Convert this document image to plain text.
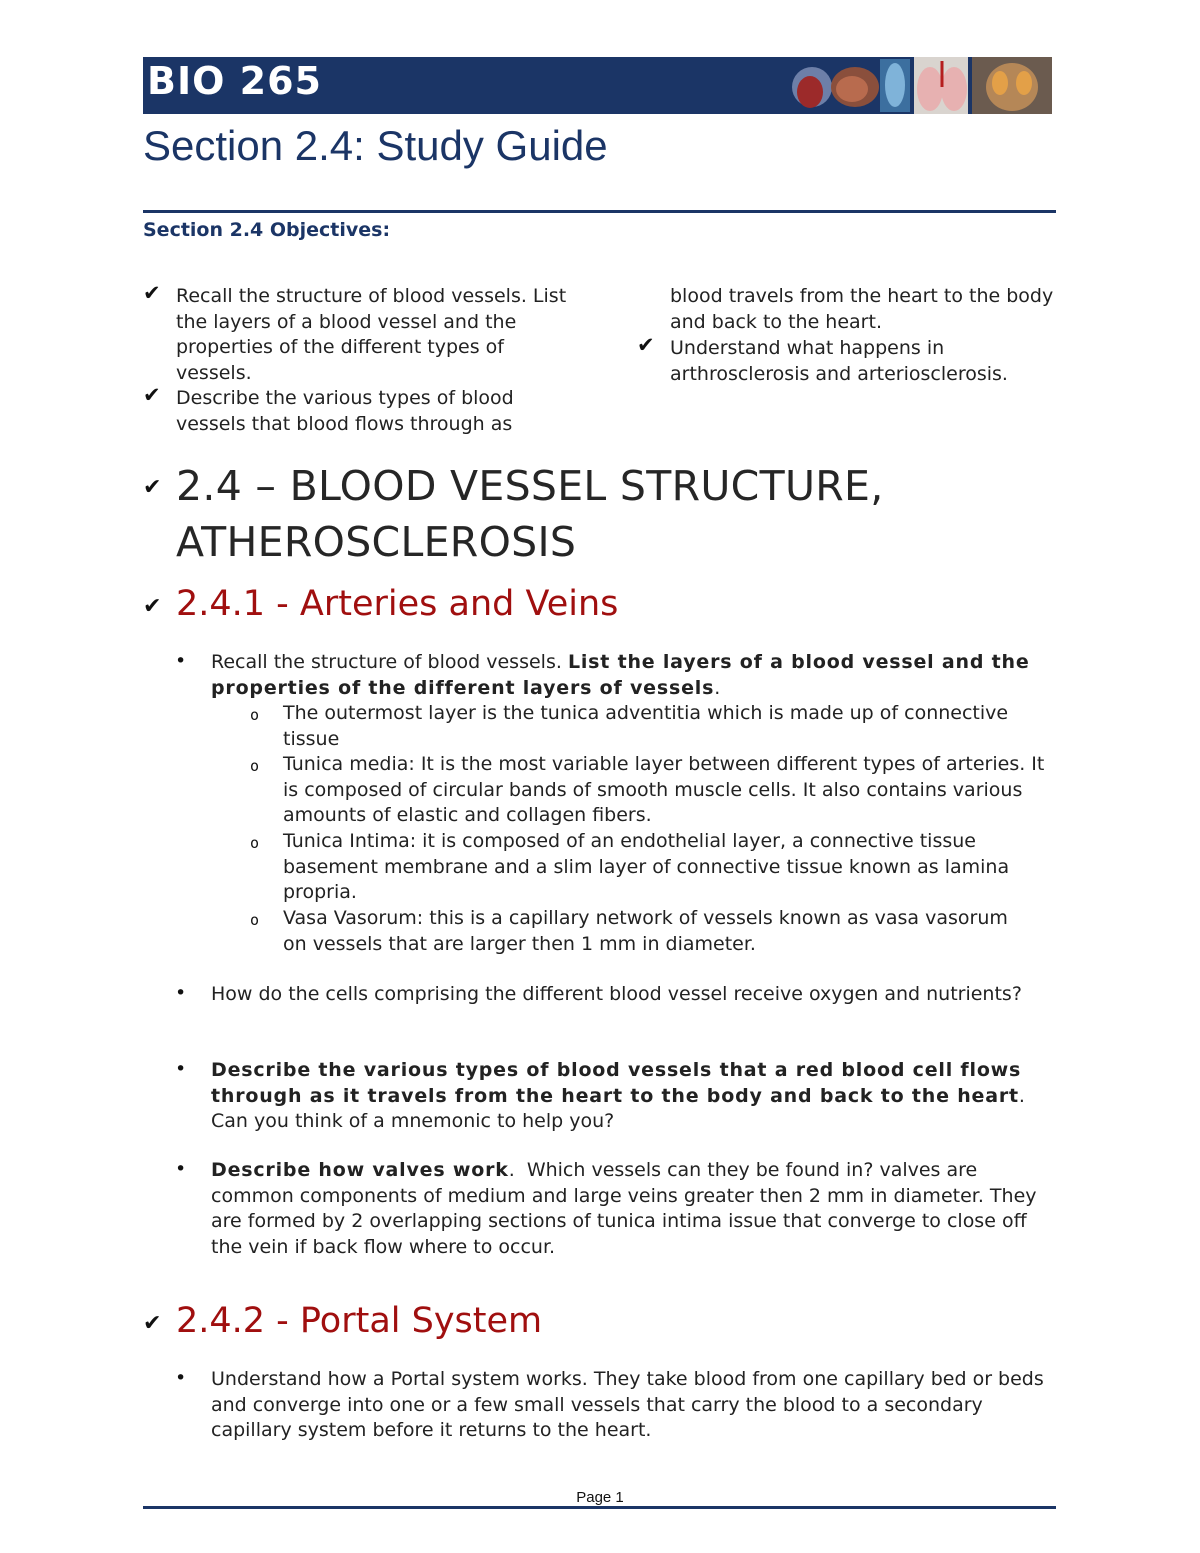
BIO 265
Section 2.4: Study Guide
Section 2.4 Objectives:
✔ Recall the structure of blood vessels. List the layers of a blood vessel and the properties of the different types of vessels.
✔ Describe the various types of blood vessels that blood flows through as
blood travels from the heart to the body and back to the heart.
✔ Understand what happens in arthrosclerosis and arteriosclerosis.
✔ 2.4 – BLOOD VESSEL STRUCTURE,
ATHEROSCLEROSIS
✔ 2.4.1 - Arteries and Veins
• Recall the structure of blood vessels. List the layers of a blood vessel and the properties of the different layers of vessels.
o The outermost layer is the tunica adventitia which is made up of connective tissue
o Tunica media: It is the most variable layer between different types of arteries. It is composed of circular bands of smooth muscle cells. It also contains various amounts of elastic and collagen fibers.
o Tunica Intima: it is composed of an endothelial layer, a connective tissue basement membrane and a slim layer of connective tissue known as lamina propria.
o Vasa Vasorum: this is a capillary network of vessels known as vasa vasorum on vessels that are larger then 1 mm in diameter.
• How do the cells comprising the different blood vessel receive oxygen and nutrients?
• Describe the various types of blood vessels that a red blood cell flows through as it travels from the heart to the body and back to the heart.  Can you think of a mnemonic to help you?
• Describe how valves work.  Which vessels can they be found in? valves are common components of medium and large veins greater then 2 mm in diameter. They are formed by 2 overlapping sections of tunica intima issue that converge to close off the vein if back flow where to occur.
✔ 2.4.2 - Portal System
• Understand how a Portal system works. They take blood from one capillary bed or beds and converge into one or a few small vessels that carry the blood to a secondary capillary system before it returns to the heart.
Page 1
